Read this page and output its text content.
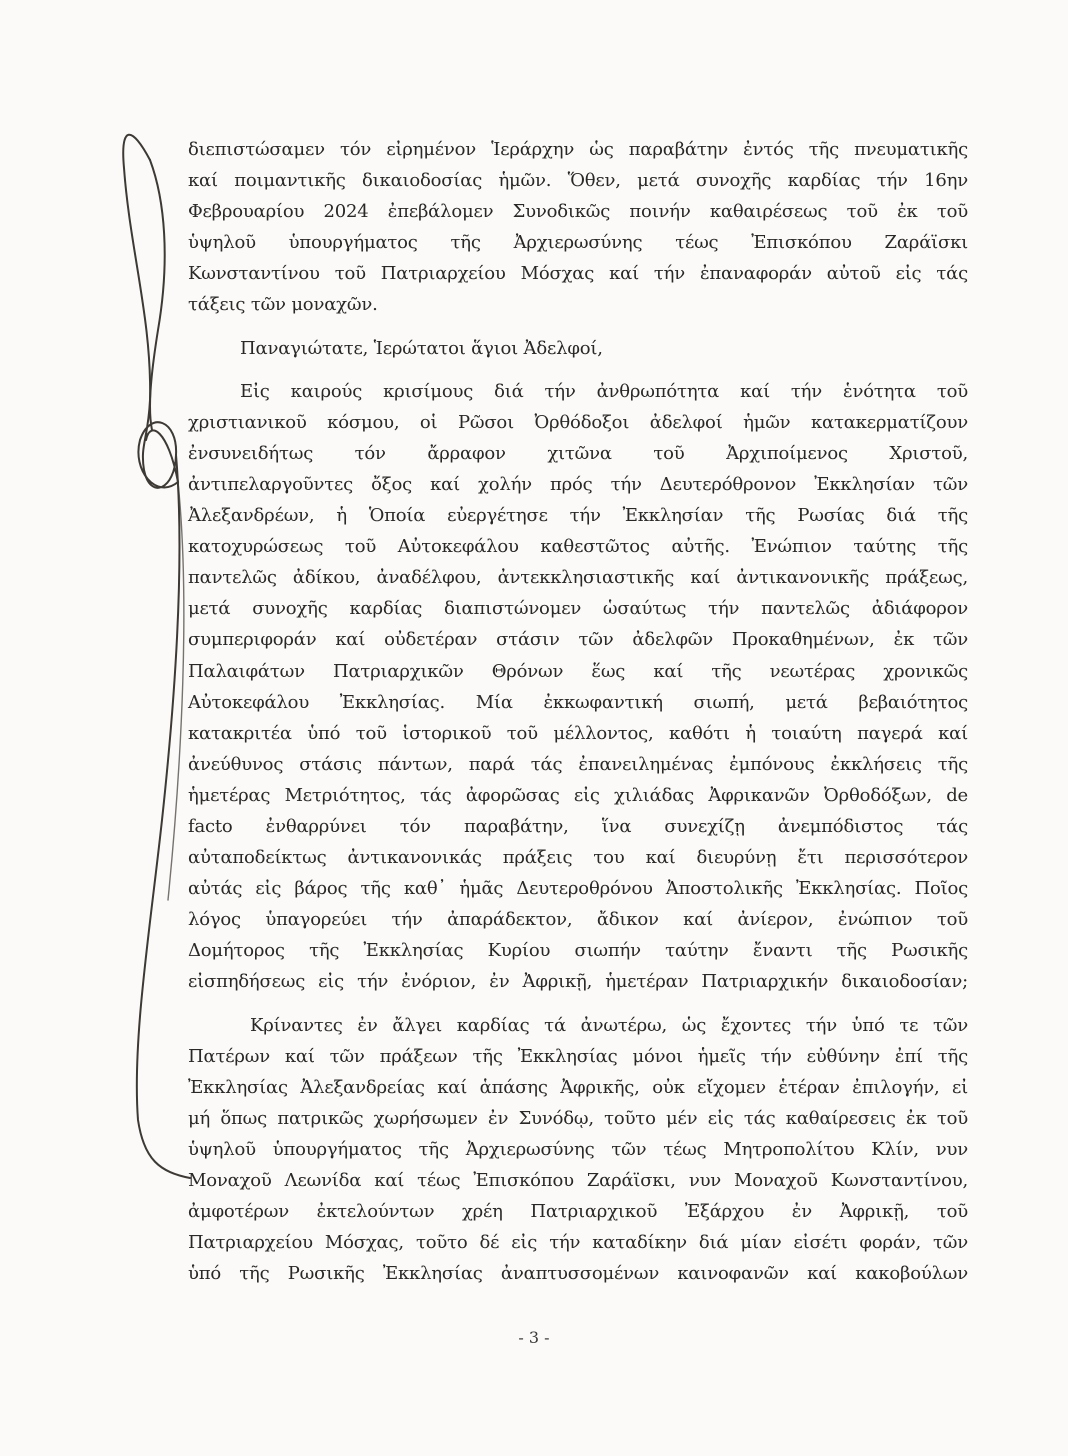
διεπιστώσαμεν τόν εἰρημένον Ἱεράρχην ὡς παραβάτην ἐντός τῆς πνευματικῆς
καί ποιμαντικῆς δικαιοδοσίας ἡμῶν. Ὅθεν, μετά συνοχῆς καρδίας τήν 16ην
Φεβρουαρίου 2024 ἐπεβάλομεν Συνοδικῶς ποινήν καθαιρέσεως τοῦ ἐκ τοῦ
ὑψηλοῦ ὑπουργήματος τῆς Ἀρχιερωσύνης τέως Ἐπισκόπου Ζαράϊσκι
Κωνσταντίνου τοῦ Πατριαρχείου Μόσχας καί τήν ἐπαναφοράν αὐτοῦ εἰς τάς
τάξεις τῶν μοναχῶν.
Παναγιώτατε, Ἱερώτατοι ἅγιοι Ἀδελφοί,
Εἰς καιρούς κρισίμους διά τήν ἀνθρωπότητα καί τήν ἑνότητα τοῦ
χριστιανικοῦ κόσμου, οἱ Ρῶσοι Ὀρθόδοξοι ἀδελφοί ἡμῶν κατακερματίζουν
ἐνσυνειδήτως τόν ἄρραφον χιτῶνα τοῦ Ἀρχιποίμενος Χριστοῦ,
ἀντιπελαργοῦντες ὄξος καί χολήν πρός τήν Δευτερόθρονον Ἐκκλησίαν τῶν
Ἀλεξανδρέων, ἡ Ὁποία εὐεργέτησε τήν Ἐκκλησίαν τῆς Ρωσίας διά τῆς
κατοχυρώσεως τοῦ Αὐτοκεφάλου καθεστῶτος αὐτῆς. Ἐνώπιον ταύτης τῆς
παντελῶς ἀδίκου, ἀναδέλφου, ἀντεκκλησιαστικῆς καί ἀντικανονικῆς πράξεως,
μετά συνοχῆς καρδίας διαπιστώνομεν ὡσαύτως τήν παντελῶς ἀδιάφορον
συμπεριφοράν καί οὐδετέραν στάσιν τῶν ἀδελφῶν Προκαθημένων, ἐκ τῶν
Παλαιφάτων Πατριαρχικῶν Θρόνων ἕως καί τῆς νεωτέρας χρονικῶς
Αὐτοκεφάλου Ἐκκλησίας. Μία ἐκκωφαντική σιωπή, μετά βεβαιότητος
κατακριτέα ὑπό τοῦ ἱστορικοῦ τοῦ μέλλοντος, καθότι ἡ τοιαύτη παγερά καί
ἀνεύθυνος στάσις πάντων, παρά τάς ἐπανειλημένας ἐμπόνους ἐκκλήσεις τῆς
ἡμετέρας Μετριότητος, τάς ἀφορῶσας εἰς χιλιάδας Ἀφρικανῶν Ὀρθοδόξων, de
facto ἐνθαρρύνει τόν παραβάτην, ἵνα συνεχίζῃ ἀνεμπόδιστος τάς
αὐταποδείκτως ἀντικανονικάς πράξεις του καί διευρύνῃ ἔτι περισσότερον
αὐτάς εἰς βάρος τῆς καθ᾽ ἡμᾶς Δευτεροθρόνου Ἀποστολικῆς Ἐκκλησίας. Ποῖος
λόγος ὑπαγορεύει τήν ἀπαράδεκτον, ἄδικον καί ἀνίερον, ἐνώπιον τοῦ
Δομήτορος τῆς Ἐκκλησίας Κυρίου σιωπήν ταύτην ἔναντι τῆς Ρωσικῆς
εἰσπηδήσεως εἰς τήν ἐνόριον, ἐν Ἀφρικῇ, ἡμετέραν Πατριαρχικήν δικαιοδοσίαν;
Κρίναντες ἐν ἄλγει καρδίας τά ἀνωτέρω, ὡς ἔχοντες τήν ὑπό τε τῶν
Πατέρων καί τῶν πράξεων τῆς Ἐκκλησίας μόνοι ἡμεῖς τήν εὐθύνην ἐπί τῆς
Ἐκκλησίας Ἀλεξανδρείας καί ἁπάσης Ἀφρικῆς, οὐκ εἴχομεν ἑτέραν ἐπιλογήν, εἰ
μή ὅπως πατρικῶς χωρήσωμεν ἐν Συνόδῳ, τοῦτο μέν εἰς τάς καθαίρεσεις ἐκ τοῦ
ὑψηλοῦ ὑπουργήματος τῆς Ἀρχιερωσύνης τῶν τέως Μητροπολίτου Κλίν, νυν
Μοναχοῦ Λεωνίδα καί τέως Ἐπισκόπου Ζαράϊσκι, νυν Μοναχοῦ Κωνσταντίνου,
ἀμφοτέρων ἐκτελούντων χρέη Πατριαρχικοῦ Ἐξάρχου ἐν Ἀφρικῇ, τοῦ
Πατριαρχείου Μόσχας, τοῦτο δέ εἰς τήν καταδίκην διά μίαν εἰσέτι φοράν, τῶν
ὑπό τῆς Ρωσικῆς Ἐκκλησίας ἀναπτυσσομένων καινοφανῶν καί κακοβούλων
- 3 -
